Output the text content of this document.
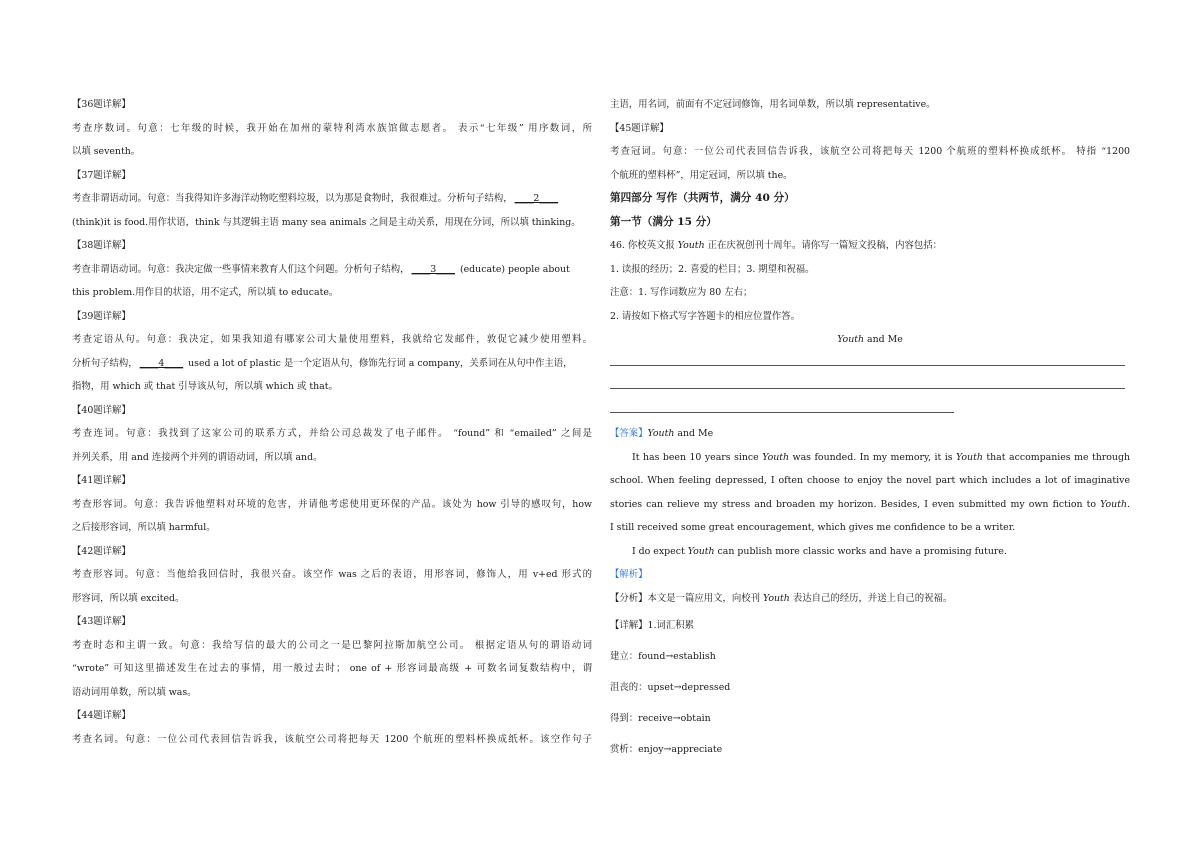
【36题详解】
考查序数词。句意：七年级的时候，我开始在加州的蒙特利湾水族馆做志愿者。 表示“七年级” 用序数词，所
以填 seventh。
【37题详解】
考查非谓语动词。句意：当我得知许多海洋动物吃塑料垃圾，以为那是食物时，我很难过。分析句子结构， ____2____
(think)it is food.用作状语，think 与其逻辑主语 many sea animals 之间是主动关系，用现在分词，所以填 thinking。
【38题详解】
考查非谓语动词。句意：我决定做一些事情来教育人们这个问题。分析句子结构， ____3____ (educate) people about
this problem.用作目的状语，用不定式，所以填 to educate。
【39题详解】
考查定语从句。句意：我决定，如果我知道有哪家公司大量使用塑料，我就给它发邮件，敦促它减少使用塑料。
分析句子结构， ____4____ used a lot of plastic 是一个定语从句，修饰先行词 a company，关系词在从句中作主语，
指物，用 which 或 that 引导该从句，所以填 which 或 that。
【40题详解】
考查连词。句意：我找到了这家公司的联系方式，并给公司总裁发了电子邮件。 “found” 和 “emailed” 之间是
并列关系，用 and 连接两个并列的谓语动词，所以填 and。
【41题详解】
考查形容词。句意：我告诉他塑料对环境的危害，并请他考虑使用更环保的产品。该处为 how 引导的感叹句，how
之后接形容词，所以填 harmful。
【42题详解】
考查形容词。句意：当他给我回信时，我很兴奋。该空作 was 之后的表语，用形容词，修饰人，用 v+ed 形式的
形容词，所以填 excited。
【43题详解】
考查时态和主谓一致。句意：我给写信的最大的公司之一是巴黎阿拉斯加航空公司。 根据定语从句的谓语动词
“wrote” 可知这里描述发生在过去的事情，用一般过去时； one of + 形容词最高级 + 可数名词复数结构中，谓
语动词用单数，所以填 was。
【44题详解】
考查名词。句意：一位公司代表回信告诉我，该航空公司将把每天 1200 个航班的塑料杯换成纸杯。该空作句子
主语，用名词，前面有不定冠词修饰，用名词单数，所以填 representative。
【45题详解】
考查冠词。句意：一位公司代表回信告诉我，该航空公司将把每天 1200 个航班的塑料杯换成纸杯。 特指 “1200
个航班的塑料杯”，用定冠词，所以填 the。
第四部分 写作（共两节，满分 40 分）
第一节（满分 15 分）
46. 你校英文报 Youth 正在庆祝创刊十周年。请你写一篇短文投稿，内容包括：
1. 读报的经历；2. 喜爱的栏目；3. 期望和祝福。
注意：1. 写作词数应为 80 左右；
2. 请按如下格式写字答题卡的相应位置作答。
Youth and Me
【答案】Youth and Me
It has been 10 years since Youth was founded. In my memory, it is Youth that accompanies me through
school. When feeling depressed, I often choose to enjoy the novel part which includes a lot of imaginative
stories can relieve my stress and broaden my horizon. Besides, I even submitted my own fiction to Youth.
I still received some great encouragement, which gives me confidence to be a writer.
I do expect Youth can publish more classic works and have a promising future.
【解析】
【分析】本文是一篇应用文，向校刊 Youth 表达自己的经历，并送上自己的祝福。
【详解】1.词汇积累
建立：found→establish
沮丧的：upset→depressed
得到：receive→obtain
赏析：enjoy→appreciate
